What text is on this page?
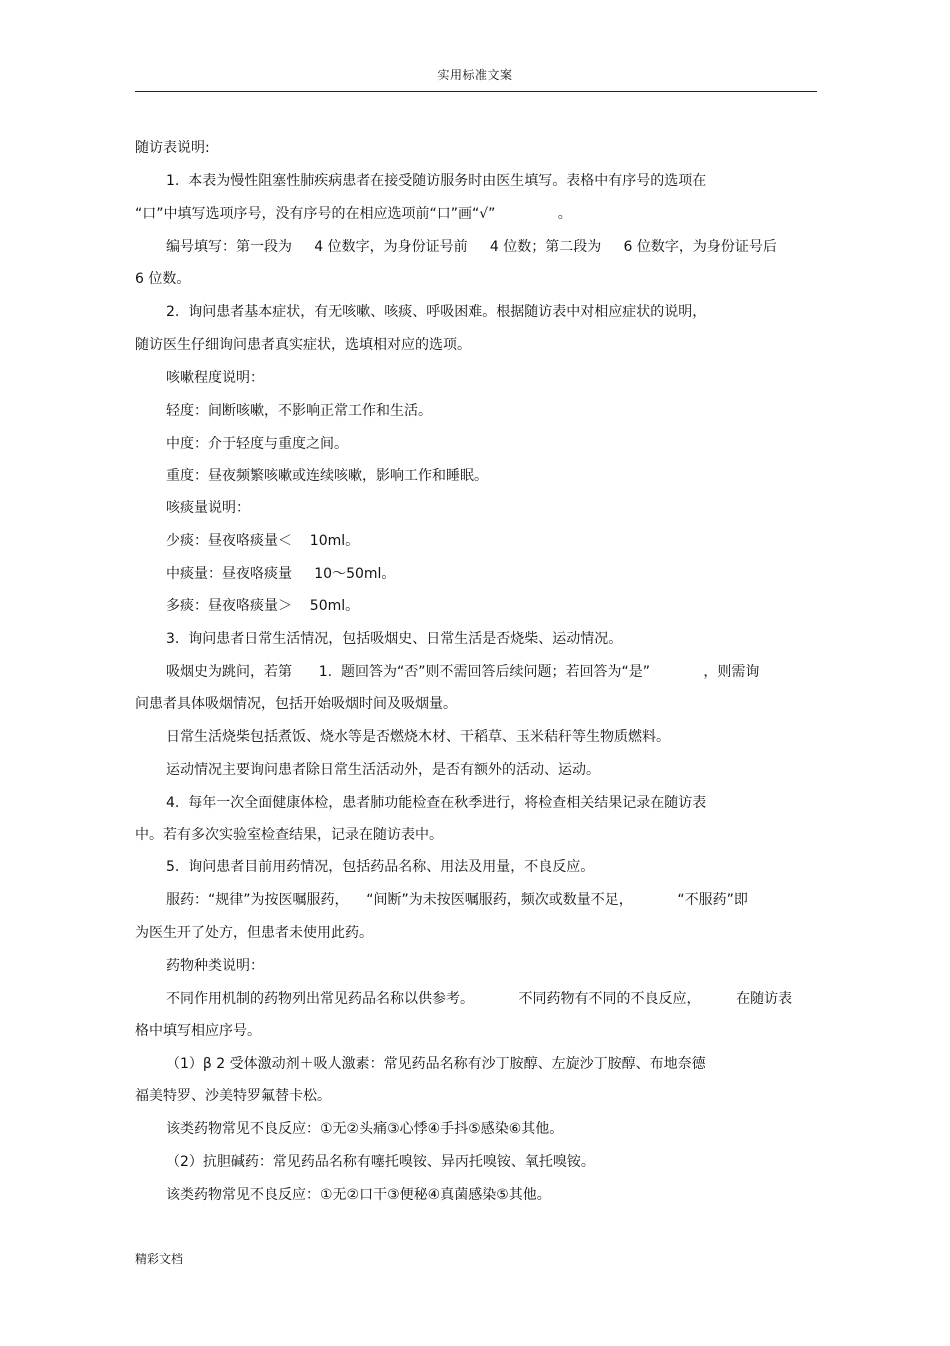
实用标准文案

随访表说明:

1.  本表为慢性阻塞性肺疾病患者在接受随访服务时由医生填写。表格中有序号的选项在

“口”中填写选项序号，没有序号的在相应选项前“口”画“√”              。

编号填写：第一段为     4 位数字，为身份证号前     4 位数；第二段为     6 位数字，为身份证号后

6 位数。

2.  询问患者基本症状，有无咳嗽、咳痰、呼吸困难。根据随访表中对相应症状的说明，

随访医生仔细询问患者真实症状，选填相对应的选项。

咳嗽程度说明：

轻度：间断咳嗽，不影响正常工作和生活。

中度：介于轻度与重度之间。

重度：昼夜频繁咳嗽或连续咳嗽，影响工作和睡眠。

咳痰量说明：

少痰：昼夜咯痰量＜    10ml。

中痰量：昼夜咯痰量     10～50ml。

多痰：昼夜咯痰量＞    50ml。

3.  询问患者日常生活情况，包括吸烟史、日常生活是否烧柴、运动情况。

吸烟史为跳问，若第      1.  题回答为“否”则不需回答后续问题；若回答为“是”            ，则需询

问患者具体吸烟情况，包括开始吸烟时间及吸烟量。

日常生活烧柴包括煮饭、烧水等是否燃烧木材、干稻草、玉米秸秆等生物质燃料。

运动情况主要询问患者除日常生活活动外，是否有额外的活动、运动。

4.  每年一次全面健康体检，患者肺功能检查在秋季进行，将检查相关结果记录在随访表

中。若有多次实验室检查结果，记录在随访表中。

5.  询问患者目前用药情况，包括药品名称、用法及用量，不良反应。

服药：“规律”为按医嘱服药，    “间断”为未按医嘱服药，频次或数量不足，          “不服药”即

为医生开了处方，但患者未使用此药。

药物种类说明：

不同作用机制的药物列出常见药品名称以供参考。          不同药物有不同的不良反应，        在随访表

格中填写相应序号。

（1）β 2 受体激动剂＋吸人激素：常见药品名称有沙丁胺醇、左旋沙丁胺醇、布地奈德

福美特罗、沙美特罗氟替卡松。

该类药物常见不良反应：①无②头痛③心悸④手抖⑤感染⑥其他。

（2）抗胆碱药：常见药品名称有噻托嗅铵、异丙托嗅铵、氧托嗅铵。

该类药物常见不良反应：①无②口干③便秘④真菌感染⑤其他。

精彩文档
